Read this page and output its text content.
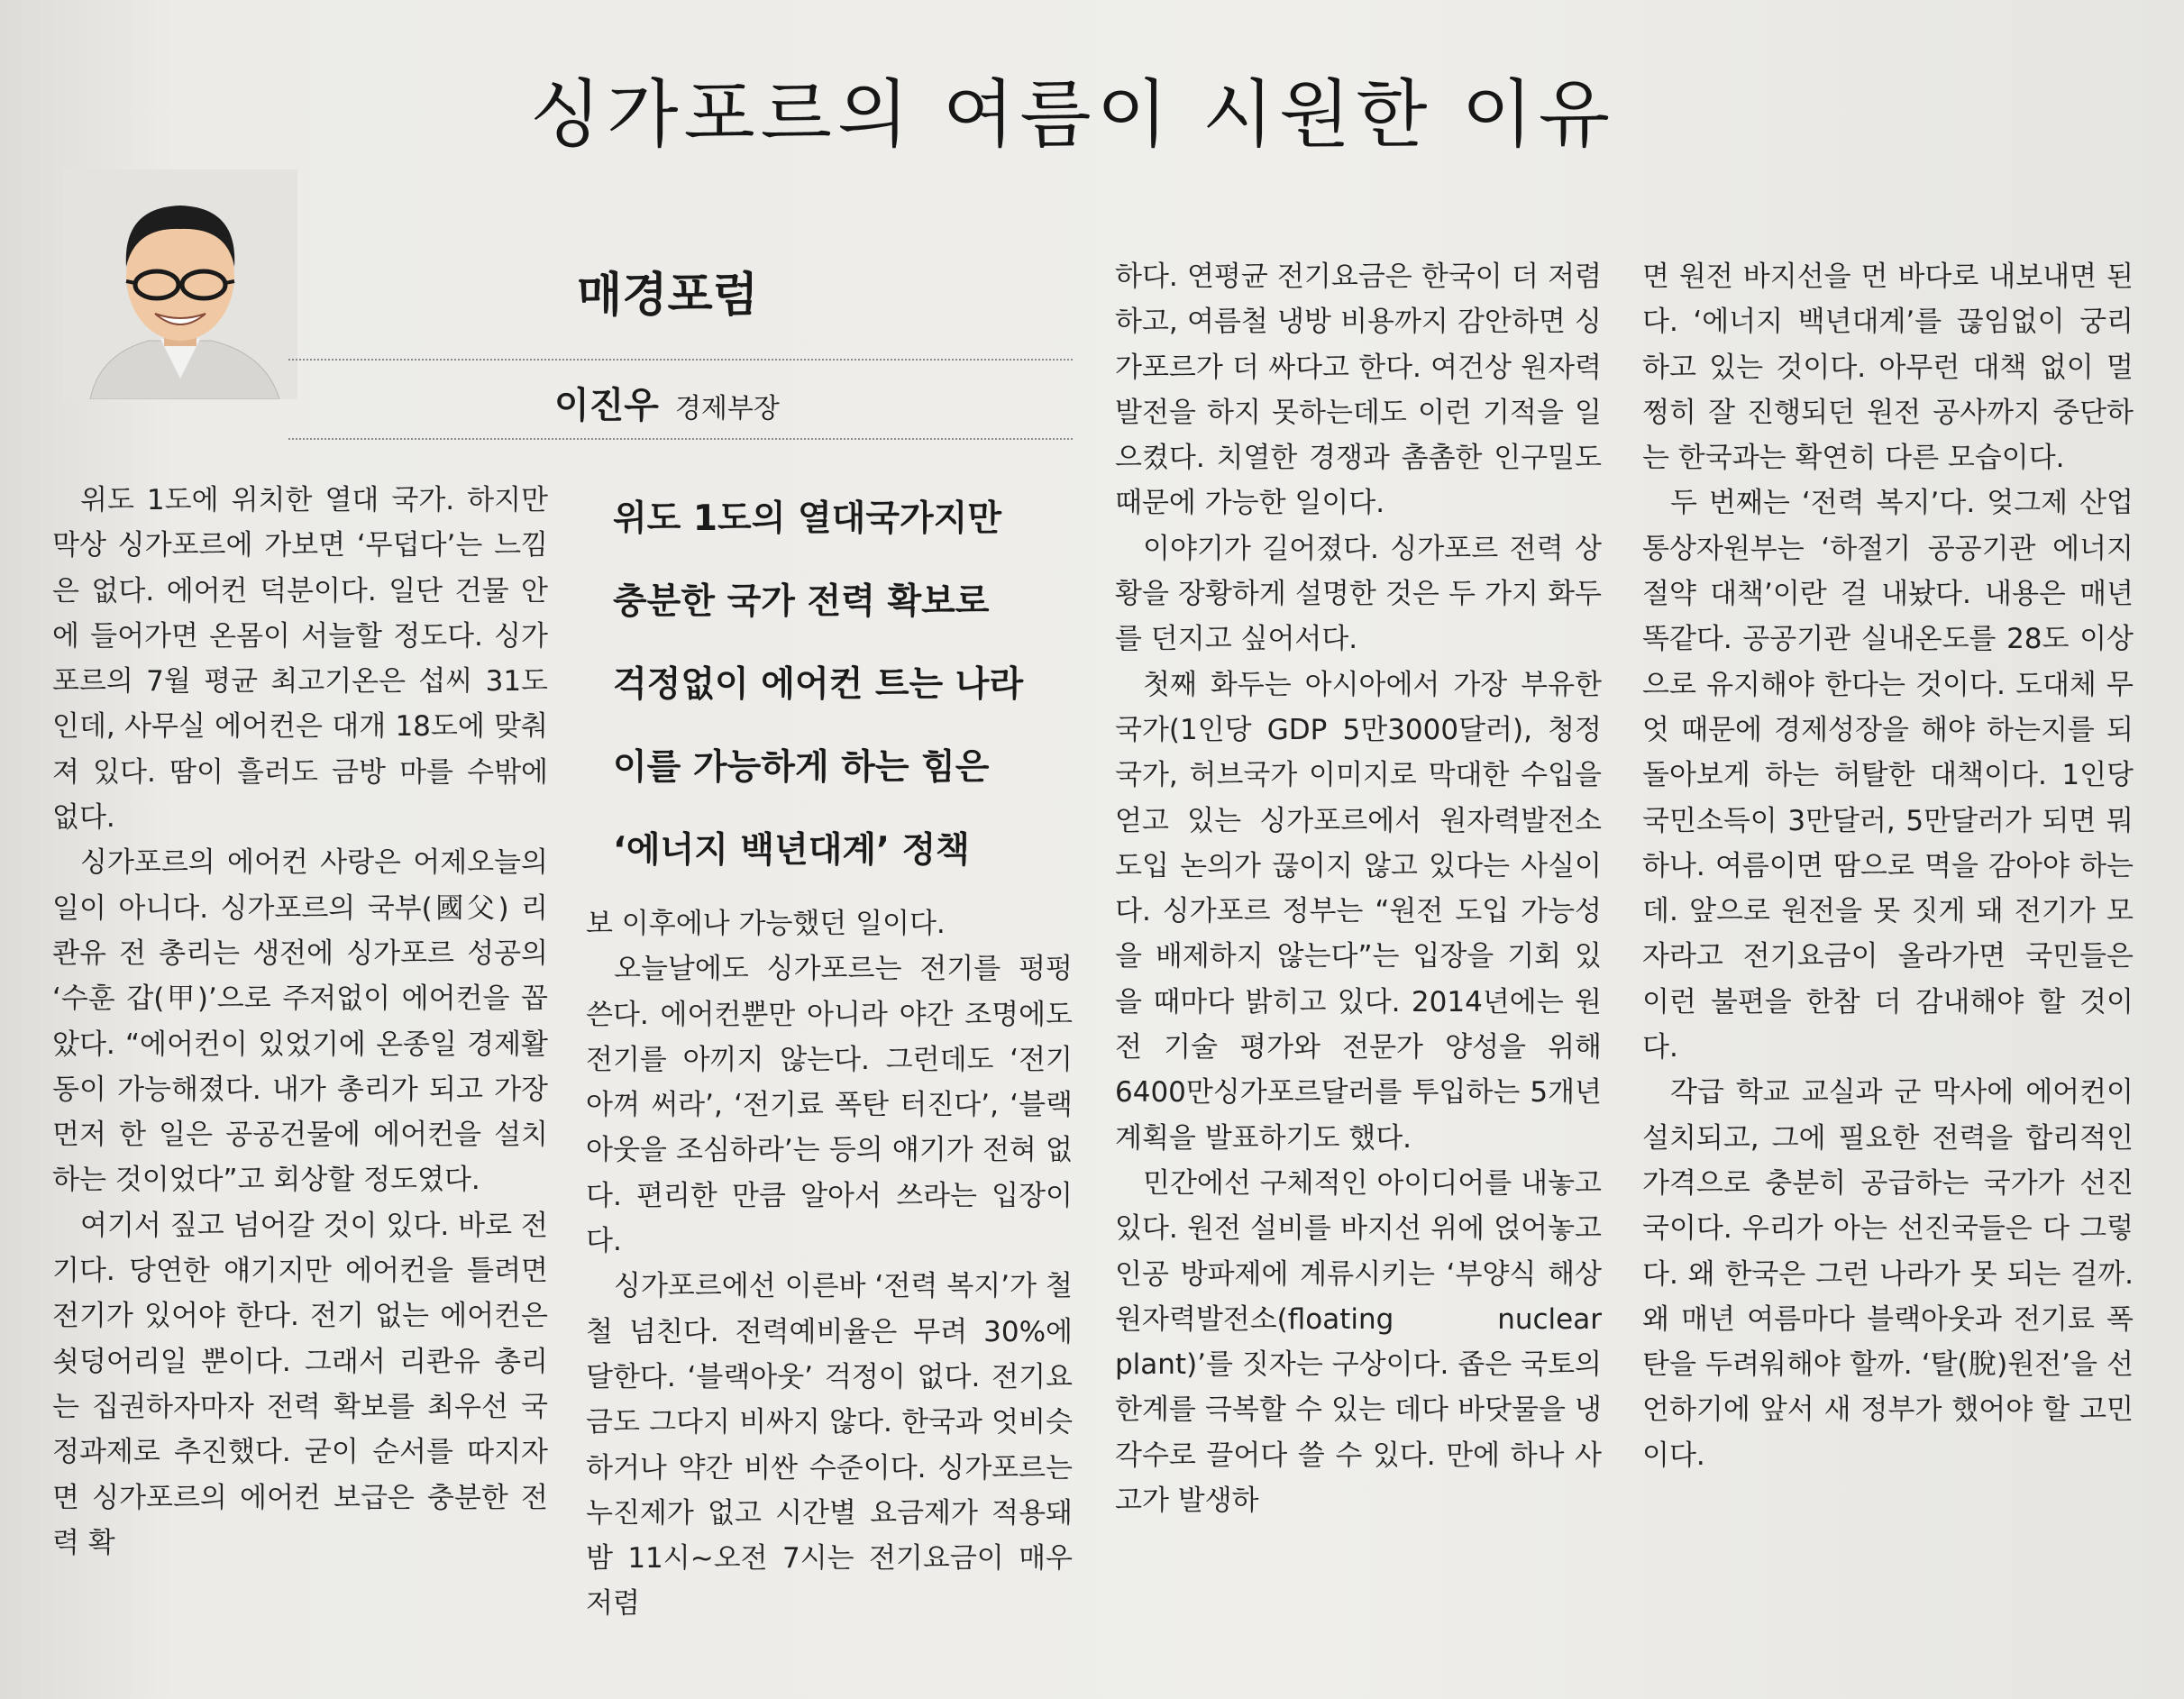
싱가포르의 여름이 시원한 이유
매경포럼
이진우 경제부장
위도 1도의 열대국가지만
충분한 국가 전력 확보로
걱정없이 에어컨 트는 나라
이를 가능하게 하는 힘은
‘에너지 백년대계’ 정책

위도 1도에 위치한 열대 국가. 하지만 막상 싱가포르에 가보면 ‘무덥다’는 느낌은 없다. 에어컨 덕분이다. 일단 건물 안에 들어가면 온몸이 서늘할 정도다. 싱가포르의 7월 평균 최고기온은 섭씨 31도인데, 사무실 에어컨은 대개 18도에 맞춰져 있다. 땀이 흘러도 금방 마를 수밖에 없다.

싱가포르의 에어컨 사랑은 어제오늘의 일이 아니다. 싱가포르의 국부(國父) 리콴유 전 총리는 생전에 싱가포르 성공의 ‘수훈 갑(甲)’으로 주저없이 에어컨을 꼽았다. “에어컨이 있었기에 온종일 경제활동이 가능해졌다. 내가 총리가 되고 가장 먼저 한 일은 공공건물에 에어컨을 설치하는 것이었다”고 회상할 정도였다.

여기서 짚고 넘어갈 것이 있다. 바로 전기다. 당연한 얘기지만 에어컨을 틀려면 전기가 있어야 한다. 전기 없는 에어컨은 쇳덩어리일 뿐이다. 그래서 리콴유 총리는 집권하자마자 전력 확보를 최우선 국정과제로 추진했다. 굳이 순서를 따지자면 싱가포르의 에어컨 보급은 충분한 전력 확

보 이후에나 가능했던 일이다.

오늘날에도 싱가포르는 전기를 펑펑 쓴다. 에어컨뿐만 아니라 야간 조명에도 전기를 아끼지 않는다. 그런데도 ‘전기 아껴 써라’, ‘전기료 폭탄 터진다’, ‘블랙아웃을 조심하라’는 등의 얘기가 전혀 없다. 편리한 만큼 알아서 쓰라는 입장이다.

싱가포르에선 이른바 ‘전력 복지’가 철철 넘친다. 전력예비율은 무려 30%에 달한다. ‘블랙아웃’ 걱정이 없다. 전기요금도 그다지 비싸지 않다. 한국과 엇비슷하거나 약간 비싼 수준이다. 싱가포르는 누진제가 없고 시간별 요금제가 적용돼 밤 11시~오전 7시는 전기요금이 매우 저렴

하다. 연평균 전기요금은 한국이 더 저렴하고, 여름철 냉방 비용까지 감안하면 싱가포르가 더 싸다고 한다. 여건상 원자력발전을 하지 못하는데도 이런 기적을 일으켰다. 치열한 경쟁과 촘촘한 인구밀도 때문에 가능한 일이다.

이야기가 길어졌다. 싱가포르 전력 상황을 장황하게 설명한 것은 두 가지 화두를 던지고 싶어서다.

첫째 화두는 아시아에서 가장 부유한 국가(1인당 GDP 5만3000달러), 청정국가, 허브국가 이미지로 막대한 수입을 얻고 있는 싱가포르에서 원자력발전소 도입 논의가 끊이지 않고 있다는 사실이다. 싱가포르 정부는 “원전 도입 가능성을 배제하지 않는다”는 입장을 기회 있을 때마다 밝히고 있다. 2014년에는 원전 기술 평가와 전문가 양성을 위해 6400만싱가포르달러를 투입하는 5개년 계획을 발표하기도 했다.

민간에선 구체적인 아이디어를 내놓고 있다. 원전 설비를 바지선 위에 얹어놓고 인공 방파제에 계류시키는 ‘부양식 해상원자력발전소(floating nuclear plant)’를 짓자는 구상이다. 좁은 국토의 한계를 극복할 수 있는 데다 바닷물을 냉각수로 끌어다 쓸 수 있다. 만에 하나 사고가 발생하

면 원전 바지선을 먼 바다로 내보내면 된다. ‘에너지 백년대계’를 끊임없이 궁리하고 있는 것이다. 아무런 대책 없이 멀쩡히 잘 진행되던 원전 공사까지 중단하는 한국과는 확연히 다른 모습이다.

두 번째는 ‘전력 복지’다. 엊그제 산업통상자원부는 ‘하절기 공공기관 에너지절약 대책’이란 걸 내놨다. 내용은 매년 똑같다. 공공기관 실내온도를 28도 이상으로 유지해야 한다는 것이다. 도대체 무엇 때문에 경제성장을 해야 하는지를 되돌아보게 하는 허탈한 대책이다. 1인당 국민소득이 3만달러, 5만달러가 되면 뭐하나. 여름이면 땀으로 멱을 감아야 하는데. 앞으로 원전을 못 짓게 돼 전기가 모자라고 전기요금이 올라가면 국민들은 이런 불편을 한참 더 감내해야 할 것이다.

각급 학교 교실과 군 막사에 에어컨이 설치되고, 그에 필요한 전력을 합리적인 가격으로 충분히 공급하는 국가가 선진국이다. 우리가 아는 선진국들은 다 그렇다. 왜 한국은 그런 나라가 못 되는 걸까. 왜 매년 여름마다 블랙아웃과 전기료 폭탄을 두려워해야 할까. ‘탈(脫)원전’을 선언하기에 앞서 새 정부가 했어야 할 고민이다.
